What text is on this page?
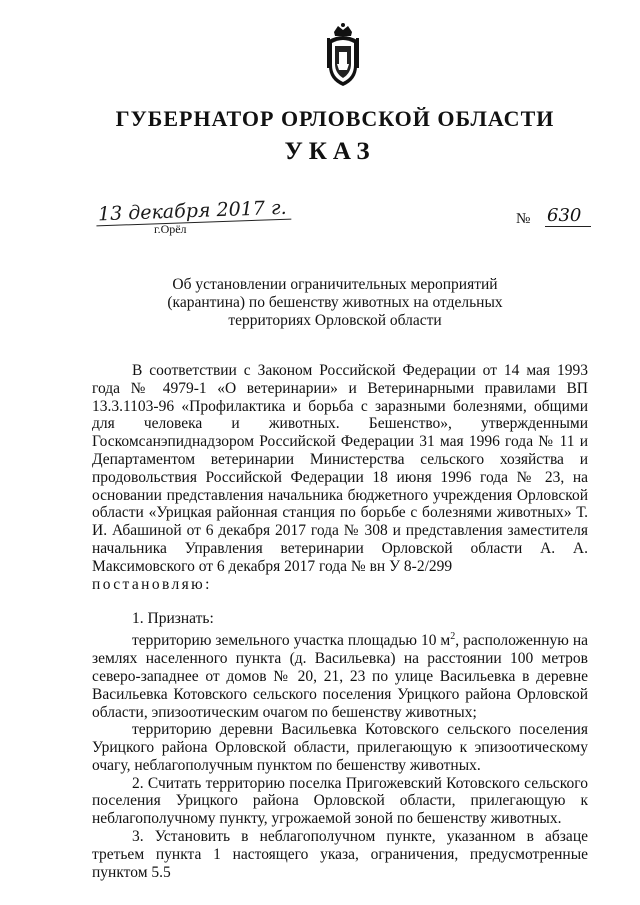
ГУБЕРНАТОР ОРЛОВСКОЙ ОБЛАСТИ
УКАЗ
13 декабря 2017 г.
г.Орёл
№ 630
Об установлении ограничительных мероприятий
(карантина) по бешенству животных на отдельных
территориях Орловской области

В соответствии с Законом Российской Федерации от 14 мая 1993 года № 4979-1 «О ветеринарии» и Ветеринарными правилами ВП 13.3.1103-96 «Профилактика и борьба с заразными болезнями, общими для человека и животных. Бешенство», утвержденными Госкомсанэпиднадзором Российской Федерации 31 мая 1996 года № 11 и Департаментом ветеринарии Министерства сельского хозяйства и продовольствия Российской Федерации 18 июня 1996 года № 23, на основании представления начальника бюджетного учреждения Орловской области «Урицкая районная станция по борьбе с болезнями животных» Т. И. Абашиной от 6 декабря 2017 года № 308 и представления заместителя начальника Управления ветеринарии Орловской области А. А. Максимовского от 6 декабря 2017 года № вн У 8-2/299

постановляю:

1. Признать:

территорию земельного участка площадью 10 $м^2$, расположенную на землях населенного пункта (д. Васильевка) на расстоянии 100 метров северо-западнее от домов № 20, 21, 23 по улице Васильевка в деревне Васильевка Котовского сельского поселения Урицкого района Орловской области, эпизоотическим очагом по бешенству животных;

территорию деревни Васильевка Котовского сельского поселения Урицкого района Орловской области, прилегающую к эпизоотическому очагу, неблагополучным пунктом по бешенству животных.

2. Считать территорию поселка Пригожевский Котовского сельского поселения Урицкого района Орловской области, прилегающую к неблагополучному пункту, угрожаемой зоной по бешенству животных.

3. Установить в неблагополучном пункте, указанном в абзаце третьем пункта 1 настоящего указа, ограничения, предусмотренные пунктом 5.5
